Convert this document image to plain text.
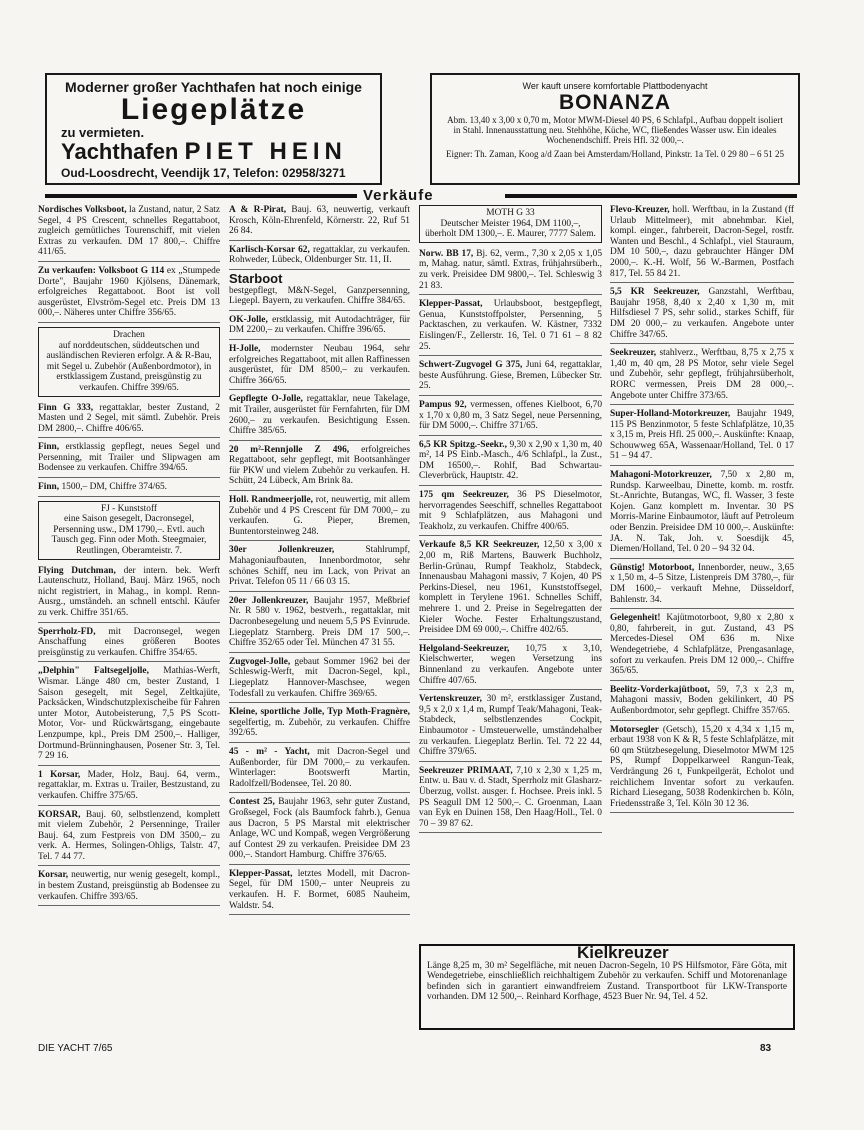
Moderner großer Yachthafen hat noch einige
Liegeplätze
zu vermieten.
Yachthafen PIET HEIN
Oud-Loosdrecht, Veendijk 17, Telefon: 02958/3271
Wer kauft unsere komfortable Plattbodenyacht
BONANZA
Abm. 13,40 x 3,00 x 0,70 m, Motor MWM-Diesel 40 PS, 6 Schlafpl., Aufbau doppelt isoliert in Stahl. Innenausstattung neu. Stehhöhe, Küche, WC, fließendes Wasser usw. Ein ideales Wochenendschiff. Preis Hfl. 32 000,–.
Eigner: Th. Zaman, Koog a/d Zaan bei Amsterdam/Holland, Pinkstr. 1a Tel. 0 29 80 – 6 51 25
Verkäufe
Nordisches Volksboot, la Zustand, natur, 2 Satz Segel, 4 PS Crescent, schnelles Regattaboot, zugleich gemütliches Tourenschiff, mit vielen Extras zu verkaufen. DM 17 800,–. Chiffre 411/65.
Zu verkaufen: Volksboot G 114 ex „Stumpede Dorte", Baujahr 1960 Kjölsens, Dänemark, erfolgreiches Regattaboot. Boot ist voll ausgerüstet, Elvström-Segel etc. Preis DM 13 000,–. Näheres unter Chiffre 356/65.
Drachen
auf norddeutschen, süddeutschen und ausländischen Revieren erfolgr. A & R-Bau, mit Segel u. Zubehör (Außenbordmotor), in erstklassigem Zustand, preisgünstig zu verkaufen. Chiffre 399/65.
Finn G 333, regattaklar, bester Zustand, 2 Masten und 2 Segel, mit sämtl. Zubehör. Preis DM 2800,–. Chiffre 406/65.
Finn, erstklassig gepflegt, neues Segel und Persenning, mit Trailer und Slipwagen am Bodensee zu verkaufen. Chiffre 394/65.
Finn, 1500,– DM, Chiffre 374/65.
FJ - Kunststoff
eine Saison gesegelt, Dacronsegel, Persenning usw., DM 1790,–. Evtl. auch Tausch geg. Finn oder Moth. Steegmaier, Reutlingen, Oberamteistr. 7.
Flying Dutchman, der intern. bek. Werft Lautenschutz, Holland, Bauj. März 1965, noch nicht registriert, in Mahag., in kompl. Renn-Ausrg., umständeh. an schnell entschl. Käufer zu verk. Chiffre 351/65.
Sperrholz-FD, mit Dacronsegel, wegen Anschaffung eines größeren Bootes preisgünstig zu verkaufen. Chiffre 354/65.
„Delphin" Faltsegeljolle, Mathias-Werft, Wismar. Länge 480 cm, bester Zustand, 1 Saison gesegelt, mit Segel, Zeltkajüte, Packsäcken, Windschutzplexischeibe für Fahren unter Motor, Autobeisterung, 7,5 PS Scott-Motor, Vor- und Rückwärtsgang, eingebaute Lenzpumpe, kpl., Preis DM 2500,–. Halliger, Dortmund-Brünninghausen, Posener Str. 3, Tel. 7 29 16.
1 Korsar, Mader, Holz, Bauj. 64, verm., regattaklar, m. Extras u. Trailer, Bestzustand, zu verkaufen. Chiffre 375/65.
KORSAR, Bauj. 60, selbstlenzend, komplett mit vielem Zubehör, 2 Persenninge, Trailer Bauj. 64, zum Festpreis von DM 3500,– zu verk. A. Hermes, Solingen-Ohligs, Talstr. 47, Tel. 7 44 77.
Korsar, neuwertig, nur wenig gesegelt, kompl., in bestem Zustand, preisgünstig ab Bodensee zu verkaufen. Chiffre 393/65.
A & R-Pirat, Bauj. 63, neuwertig, verkauft Krosch, Köln-Ehrenfeld, Körnerstr. 22, Ruf 51 26 84.
Karlisch-Korsar 62, regattaklar, zu verkaufen. Rohweder, Lübeck, Oldenburger Str. 11, II.
Starboot
bestgepflegt, M&N-Segel, Ganzpersenning, Liegepl. Bayern, zu verkaufen. Chiffre 384/65.
OK-Jolle, erstklassig, mit Autodachträger, für DM 2200,– zu verkaufen. Chiffre 396/65.
H-Jolle, modernster Neubau 1964, sehr erfolgreiches Regattaboot, mit allen Raffinessen ausgerüstet, für DM 8500,– zu verkaufen. Chiffre 366/65.
Gepflegte O-Jolle, regattaklar, neue Takelage, mit Trailer, ausgerüstet für Fernfahrten, für DM 2600,– zu verkaufen. Besichtigung Essen. Chiffre 385/65.
20 m²-Rennjolle Z 496, erfolgreiches Regattaboot, sehr gepflegt, mit Bootsanhänger für PKW und vielem Zubehör zu verkaufen. H. Schütt, 24 Lübeck, Am Brink 8a.
Holl. Randmeerjolle, rot, neuwertig, mit allem Zubehör und 4 PS Crescent für DM 7000,– zu verkaufen. G. Pieper, Bremen, Buntentorsteinweg 248.
30er Jollenkreuzer,	Stahlrumpf, Mahagoniaufbauten, Innenbordmotor, sehr schönes Schiff, neu im Lack, von Privat an Privat. Telefon 05 11 / 66 03 15.
20er Jollenkreuzer, Baujahr 1957, Meßbrief Nr. R 580 v. 1962, bestverh., regattaklar, mit Dacronbesegelung und neuem 5,5 PS Evinrude. Liegeplatz Starnberg. Preis DM 17 500,–. Chiffre 352/65 oder Tel. München 47 31 55.
Zugvogel-Jolle, gebaut Sommer 1962 bei der Schleswig-Werft, mit Dacron-Segel, kpl., Liegeplatz Hannover-Maschsee, wegen Todesfall zu verkaufen. Chiffre 369/65.
Kleine, sportliche Jolle, Typ Moth-Fragnère, segelfertig, m. Zubehör, zu verkaufen. Chiffre 392/65.
45 - m² - Yacht, mit Dacron-Segel und Außenborder, für DM 7000,– zu verkaufen. Winterlager: Bootswerft Martin, Radolfzell/Bodensee, Tel. 20 80.
Contest 25, Baujahr 1963, sehr guter Zustand, Großsegel, Fock (als Baumfock fahrb.), Genua aus Dacron, 5 PS Marstal mit elektrischer Anlage, WC und Kompaß, wegen Vergrößerung auf Contest 29 zu verkaufen. Preisidee DM 23 000,–. Standort Hamburg. Chiffre 376/65.
Klepper-Passat, letztes Modell, mit Dacron-Segel, für DM 1500,– unter Neupreis zu verkaufen. H. F. Bormet, 6085 Nauheim, Waldstr. 54.
MOTH G 33
Deutscher Meister 1964, DM 1100,–, überholt DM 1300,–. E. Maurer, 7777 Salem.
Norw. BB 17, Bj. 62, verm., 7,30 x 2,05 x 1,05 m, Mahag. natur, sämtl. Extras, frühjahrsüberh., zu verk. Preisidee DM 9800,–. Tel. Schleswig 3 21 83.
Klepper-Passat, Urlaubsboot, bestgepflegt, Genua, Kunststoffpolster, Persenning, 5 Packtaschen, zu verkaufen. W. Kästner, 7332 Eislingen/F., Zellerstr. 16, Tel. 0 71 61 – 8 82 25.
Schwert-Zugvogel G 375, Juni 64, regattaklar, beste Ausführung. Giese, Bremen, Lübecker Str. 25.
Pampus 92, vermessen, offenes Kielboot, 6,70 x 1,70 x 0,80 m, 3 Satz Segel, neue Persenning, für DM 5000,–. Chiffre 371/65.
6,5 KR Spitzg.-Seekr., 9,30 x 2,90 x 1,30 m, 40 m², 14 PS Einb.-Masch., 4/6 Schlafpl., la Zust., DM 16500,–. Rohlf, Bad Schwartau-Cleverbrück, Hauptstr. 42.
175 qm Seekreuzer, 36 PS Dieselmotor, hervorragendes Seeschiff, schnelles Regattaboot mit 9 Schlafplätzen, aus Mahagoni und Teakholz, zu verkaufen. Chiffre 400/65.
Verkaufe 8,5 KR Seekreuzer, 12,50 x 3,00 x 2,00 m, Riß Martens, Bauwerk Buchholz, Berlin-Grünau, Rumpf Teakholz, Stabdeck, Innenausbau Mahagoni massiv, 7 Kojen, 40 PS Perkins-Diesel, neu 1961, Kunststoffsegel, komplett in Terylene 1961. Schnelles Schiff, mehrere 1. und 2. Preise in Segelregatten der Kieler Woche. Fester Erhaltungszustand, Preisidee DM 69 000,–. Chiffre 402/65.
Helgoland-Seekreuzer, 10,75 x 3,10, Kielschwerter, wegen Versetzung ins Binnenland zu verkaufen. Angebote unter Chiffre 407/65.
Vertenskreuzer, 30 m², erstklassiger Zustand, 9,5 x 2,0 x 1,4 m, Rumpf Teak/Mahagoni, Teak-Stabdeck, selbstlenzendes Cockpit, Einbaumotor - Umsteuerwelle, umständehalber zu verkaufen. Liegeplatz Berlin. Tel. 72 22 44, Chiffre 379/65.
Seekreuzer PRIMAAT, 7,10 x 2,30 x 1,25 m, Entw. u. Bau v. d. Stadt, Sperrholz mit Glasharz-Überzug, vollst. ausger. f. Hochsee. Preis inkl. 5 PS Seagull DM 12 500,–. C. Groenman, Laan van Eyk en Duinen 158, Den Haag/Holl., Tel. 0 70 – 39 87 62.
Flevo-Kreuzer, holl. Werftbau, in la Zustand (ff Urlaub Mittelmeer), mit abnehmbar. Kiel, kompl. einger., fahrbereit, Dacron-Segel, rostfr. Wanten und Beschl., 4 Schlafpl., viel Stauraum, DM 10 500,–, dazu gebrauchter Hänger DM 2000,–. K.-H. Wolf, 56 W.-Barmen, Postfach 817, Tel. 55 84 21.
5,5 KR Seekreuzer, Ganzstahl, Werftbau, Baujahr 1958, 8,40 x 2,40 x 1,30 m, mit Hilfsdiesel 7 PS, sehr solid., starkes Schiff, für DM 20 000,– zu verkaufen. Angebote unter Chiffre 347/65.
Seekreuzer, stahlverz., Werftbau, 8,75 x 2,75 x 1,40 m, 40 qm, 28 PS Motor, sehr viele Segel und Zubehör, sehr gepflegt, frühjahrsüberholt, RORC vermessen, Preis DM 28 000,–. Angebote unter Chiffre 373/65.
Super-Holland-Motorkreuzer, Baujahr 1949, 115 PS Benzinmotor, 5 feste Schlafplätze, 10,35 x 3,15 m, Preis Hfl. 25 000,–. Auskünfte: Knaap, Schouwweg 65A, Wassenaar/Holland, Tel. 0 17 51 – 94 47.
Mahagoni-Motorkreuzer, 7,50 x 2,80 m, Rundsp. Karweelbau, Dinette, komb. m. rostfr. St.-Anrichte, Butangas, WC, fl. Wasser, 3 feste Kojen. Ganz komplett m. Inventar. 30 PS Morris-Marine Einbaumotor, läuft auf Petroleum oder Benzin. Preisidee DM 10 000,–. Auskünfte: JA. N. Tak, Joh. v. Soesdijk 45, Diemen/Holland, Tel. 0 20 – 94 32 04.
Günstig! Motorboot, Innenborder, neuw., 3,65 x 1,50 m, 4–5 Sitze, Listenpreis DM 3780,–, für DM 1600,– verkauft Mehne, Düsseldorf, Bahlenstr. 34.
Gelegenheit! Kajütmotorboot, 9,80 x 2,80 x 0,80, fahrbereit, in gut. Zustand, 43 PS Mercedes-Diesel OM 636 m. Nixe Wendegetriebe, 4 Schlafplätze, Prengasanlage, sofort zu verkaufen. Preis DM 12 000,–. Chiffre 365/65.
Beelitz-Vorderkajütboot, 59, 7,3 x 2,3 m, Mahagoni massiv, Boden gekilinkert, 40 PS Außenbordmotor, sehr gepflegt. Chiffre 357/65.
Motorsegler (Getsch), 15,20 x 4,34 x 1,15 m, erbaut 1938 von K & R, 5 feste Schlafplätze, mit 60 qm Stützbesegelung, Dieselmotor MWM 125 PS, Rumpf Doppelkarweel Rangun-Teak, Verdrängung 26 t, Funkpeilgerät, Echolot und reichlichem Inventar sofort zu verkaufen. Richard Liesegang, 5038 Rodenkirchen b. Köln, Friedensstraße 3, Tel. Köln 30 12 36.
Kielkreuzer
Länge 8,25 m, 30 m² Segelfläche, mit neuen Dacron-Segeln, 10 PS Hilfsmotor, Färe Göta, mit Wendegetriebe, einschließlich reichhaltigem Zubehör zu verkaufen. Schiff und Motorenanlage befinden sich in garantiert einwandfreiem Zustand. Transportboot für LKW-Transporte vorhanden. DM 12 500,–. Reinhard Korfhage, 4523 Buer Nr. 94, Tel. 4 52.
DIE YACHT 7/65	83
